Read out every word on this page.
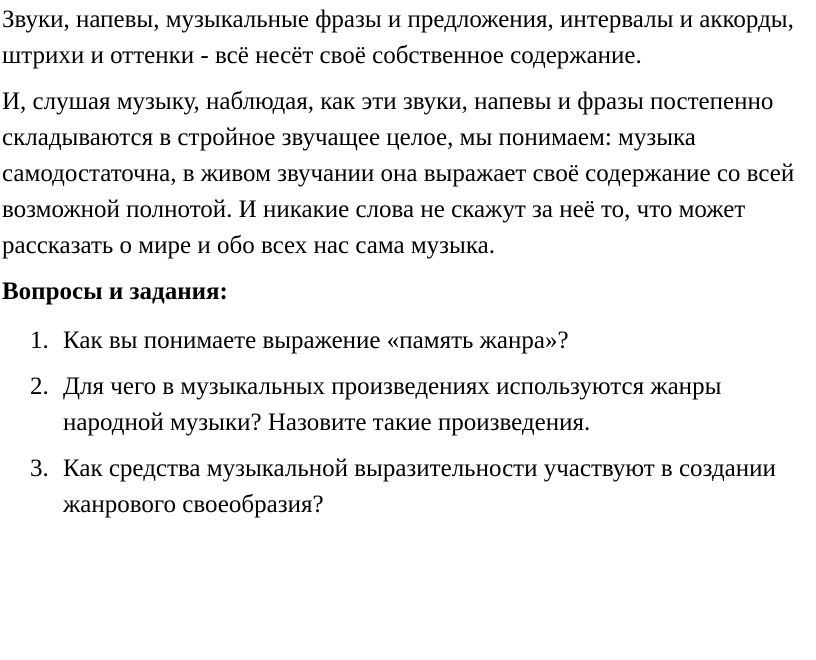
Звуки, напевы, музыкальные фразы и предложения, интервалы и аккорды, штрихи и оттенки - всё несёт своё собственное содержание.

И, слушая музыку, наблюдая, как эти звуки, напевы и фразы постепенно складываются в стройное звучащее целое, мы понимаем: музыка самодостаточна, в живом звучании она выражает своё содержание со всей возможной полнотой. И никакие слова не скажут за неё то, что может рассказать о мире и обо всех нас сама музыка.

Вопросы и задания:

1. Как вы понимаете выражение «память жанра»?
2. Для чего в музыкальных произведениях используются жанры народной музыки? Назовите такие произведения.
3. Как средства музыкальной выразительности участвуют в создании жанрового своеобразия?
